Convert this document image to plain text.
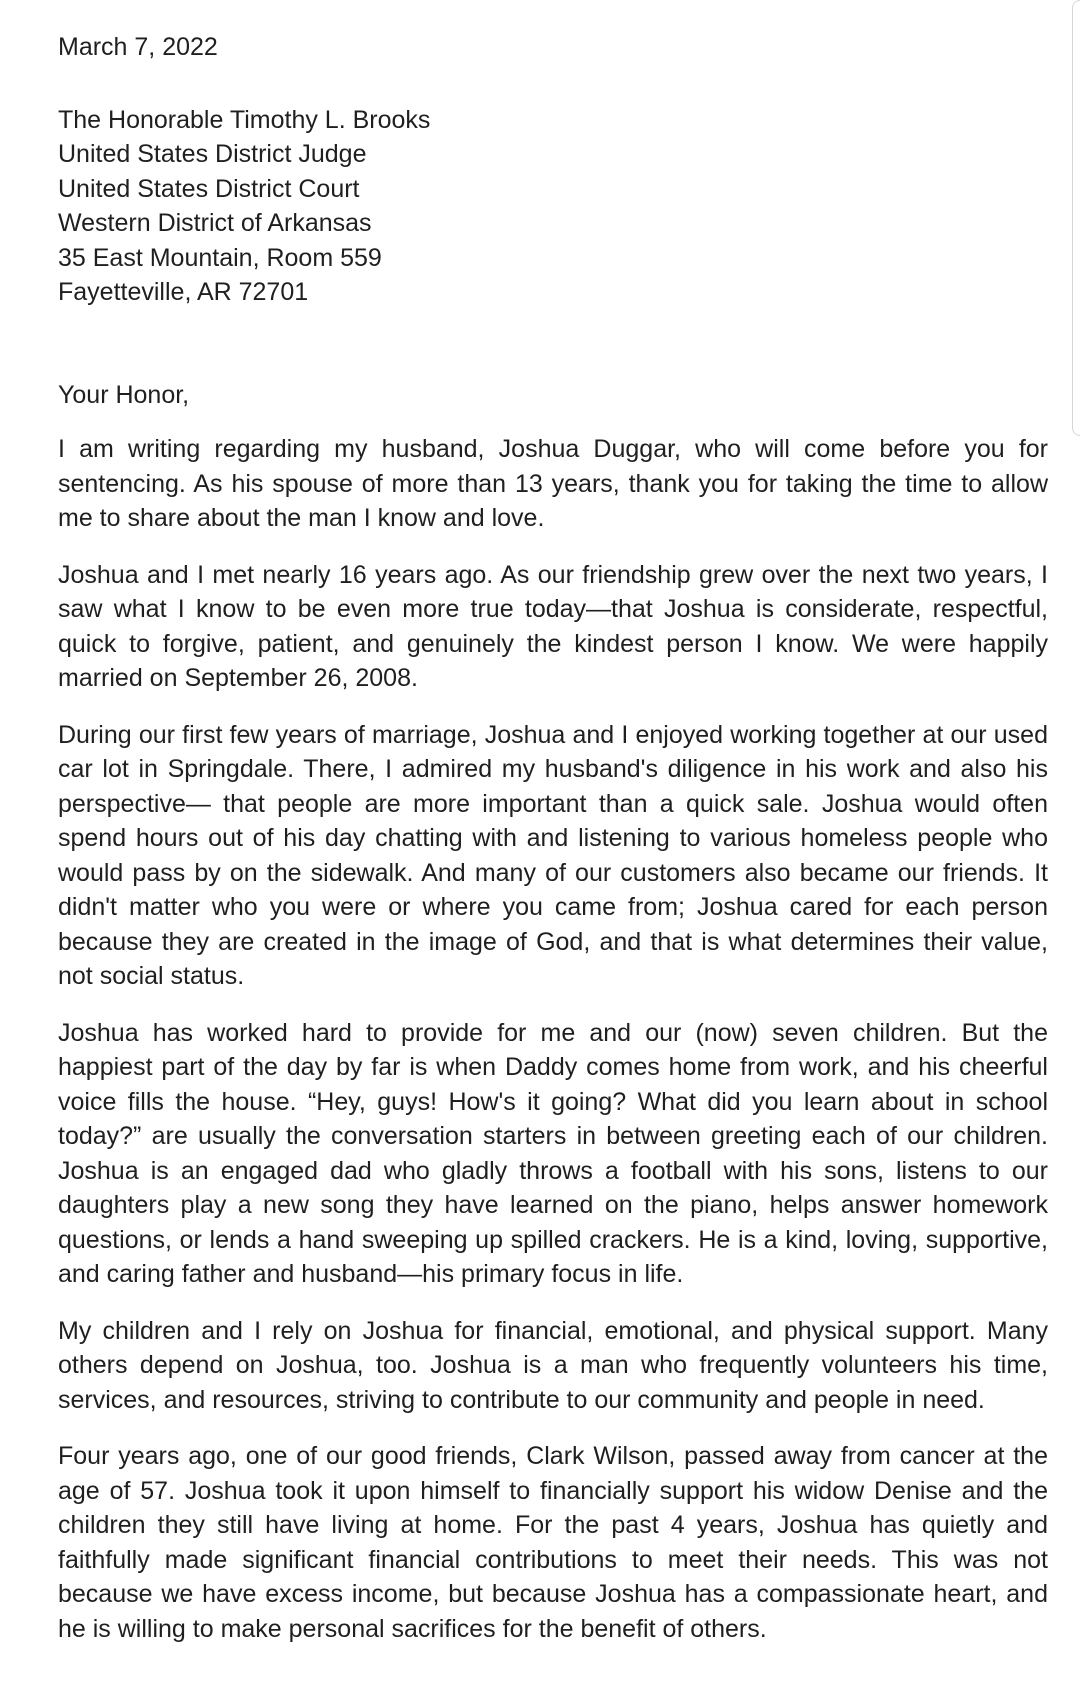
March 7, 2022
The Honorable Timothy L. Brooks
United States District Judge
United States District Court
Western District of Arkansas
35 East Mountain, Room 559
Fayetteville, AR 72701
Your Honor,

I am writing regarding my husband, Joshua Duggar, who will come before you for sentencing. As his spouse of more than 13 years, thank you for taking the time to allow me to share about the man I know and love.

Joshua and I met nearly 16 years ago. As our friendship grew over the next two years, I saw what I know to be even more true today—that Joshua is considerate, respectful, quick to forgive, patient, and genuinely the kindest person I know. We were happily married on September 26, 2008.

During our first few years of marriage, Joshua and I enjoyed working together at our used car lot in Springdale. There, I admired my husband's diligence in his work and also his perspective— that people are more important than a quick sale. Joshua would often spend hours out of his day chatting with and listening to various homeless people who would pass by on the sidewalk. And many of our customers also became our friends. It didn't matter who you were or where you came from; Joshua cared for each person because they are created in the image of God, and that is what determines their value, not social status.

Joshua has worked hard to provide for me and our (now) seven children. But the happiest part of the day by far is when Daddy comes home from work, and his cheerful voice fills the house. “Hey, guys! How's it going? What did you learn about in school today?” are usually the conversation starters in between greeting each of our children. Joshua is an engaged dad who gladly throws a football with his sons, listens to our daughters play a new song they have learned on the piano, helps answer homework questions, or lends a hand sweeping up spilled crackers. He is a kind, loving, supportive, and caring father and husband—his primary focus in life.

My children and I rely on Joshua for financial, emotional, and physical support. Many others depend on Joshua, too. Joshua is a man who frequently volunteers his time, services, and resources, striving to contribute to our community and people in need.

Four years ago, one of our good friends, Clark Wilson, passed away from cancer at the age of 57. Joshua took it upon himself to financially support his widow Denise and the children they still have living at home. For the past 4 years, Joshua has quietly and faithfully made significant financial contributions to meet their needs. This was not because we have excess income, but because Joshua has a compassionate heart, and he is willing to make personal sacrifices for the benefit of others.
